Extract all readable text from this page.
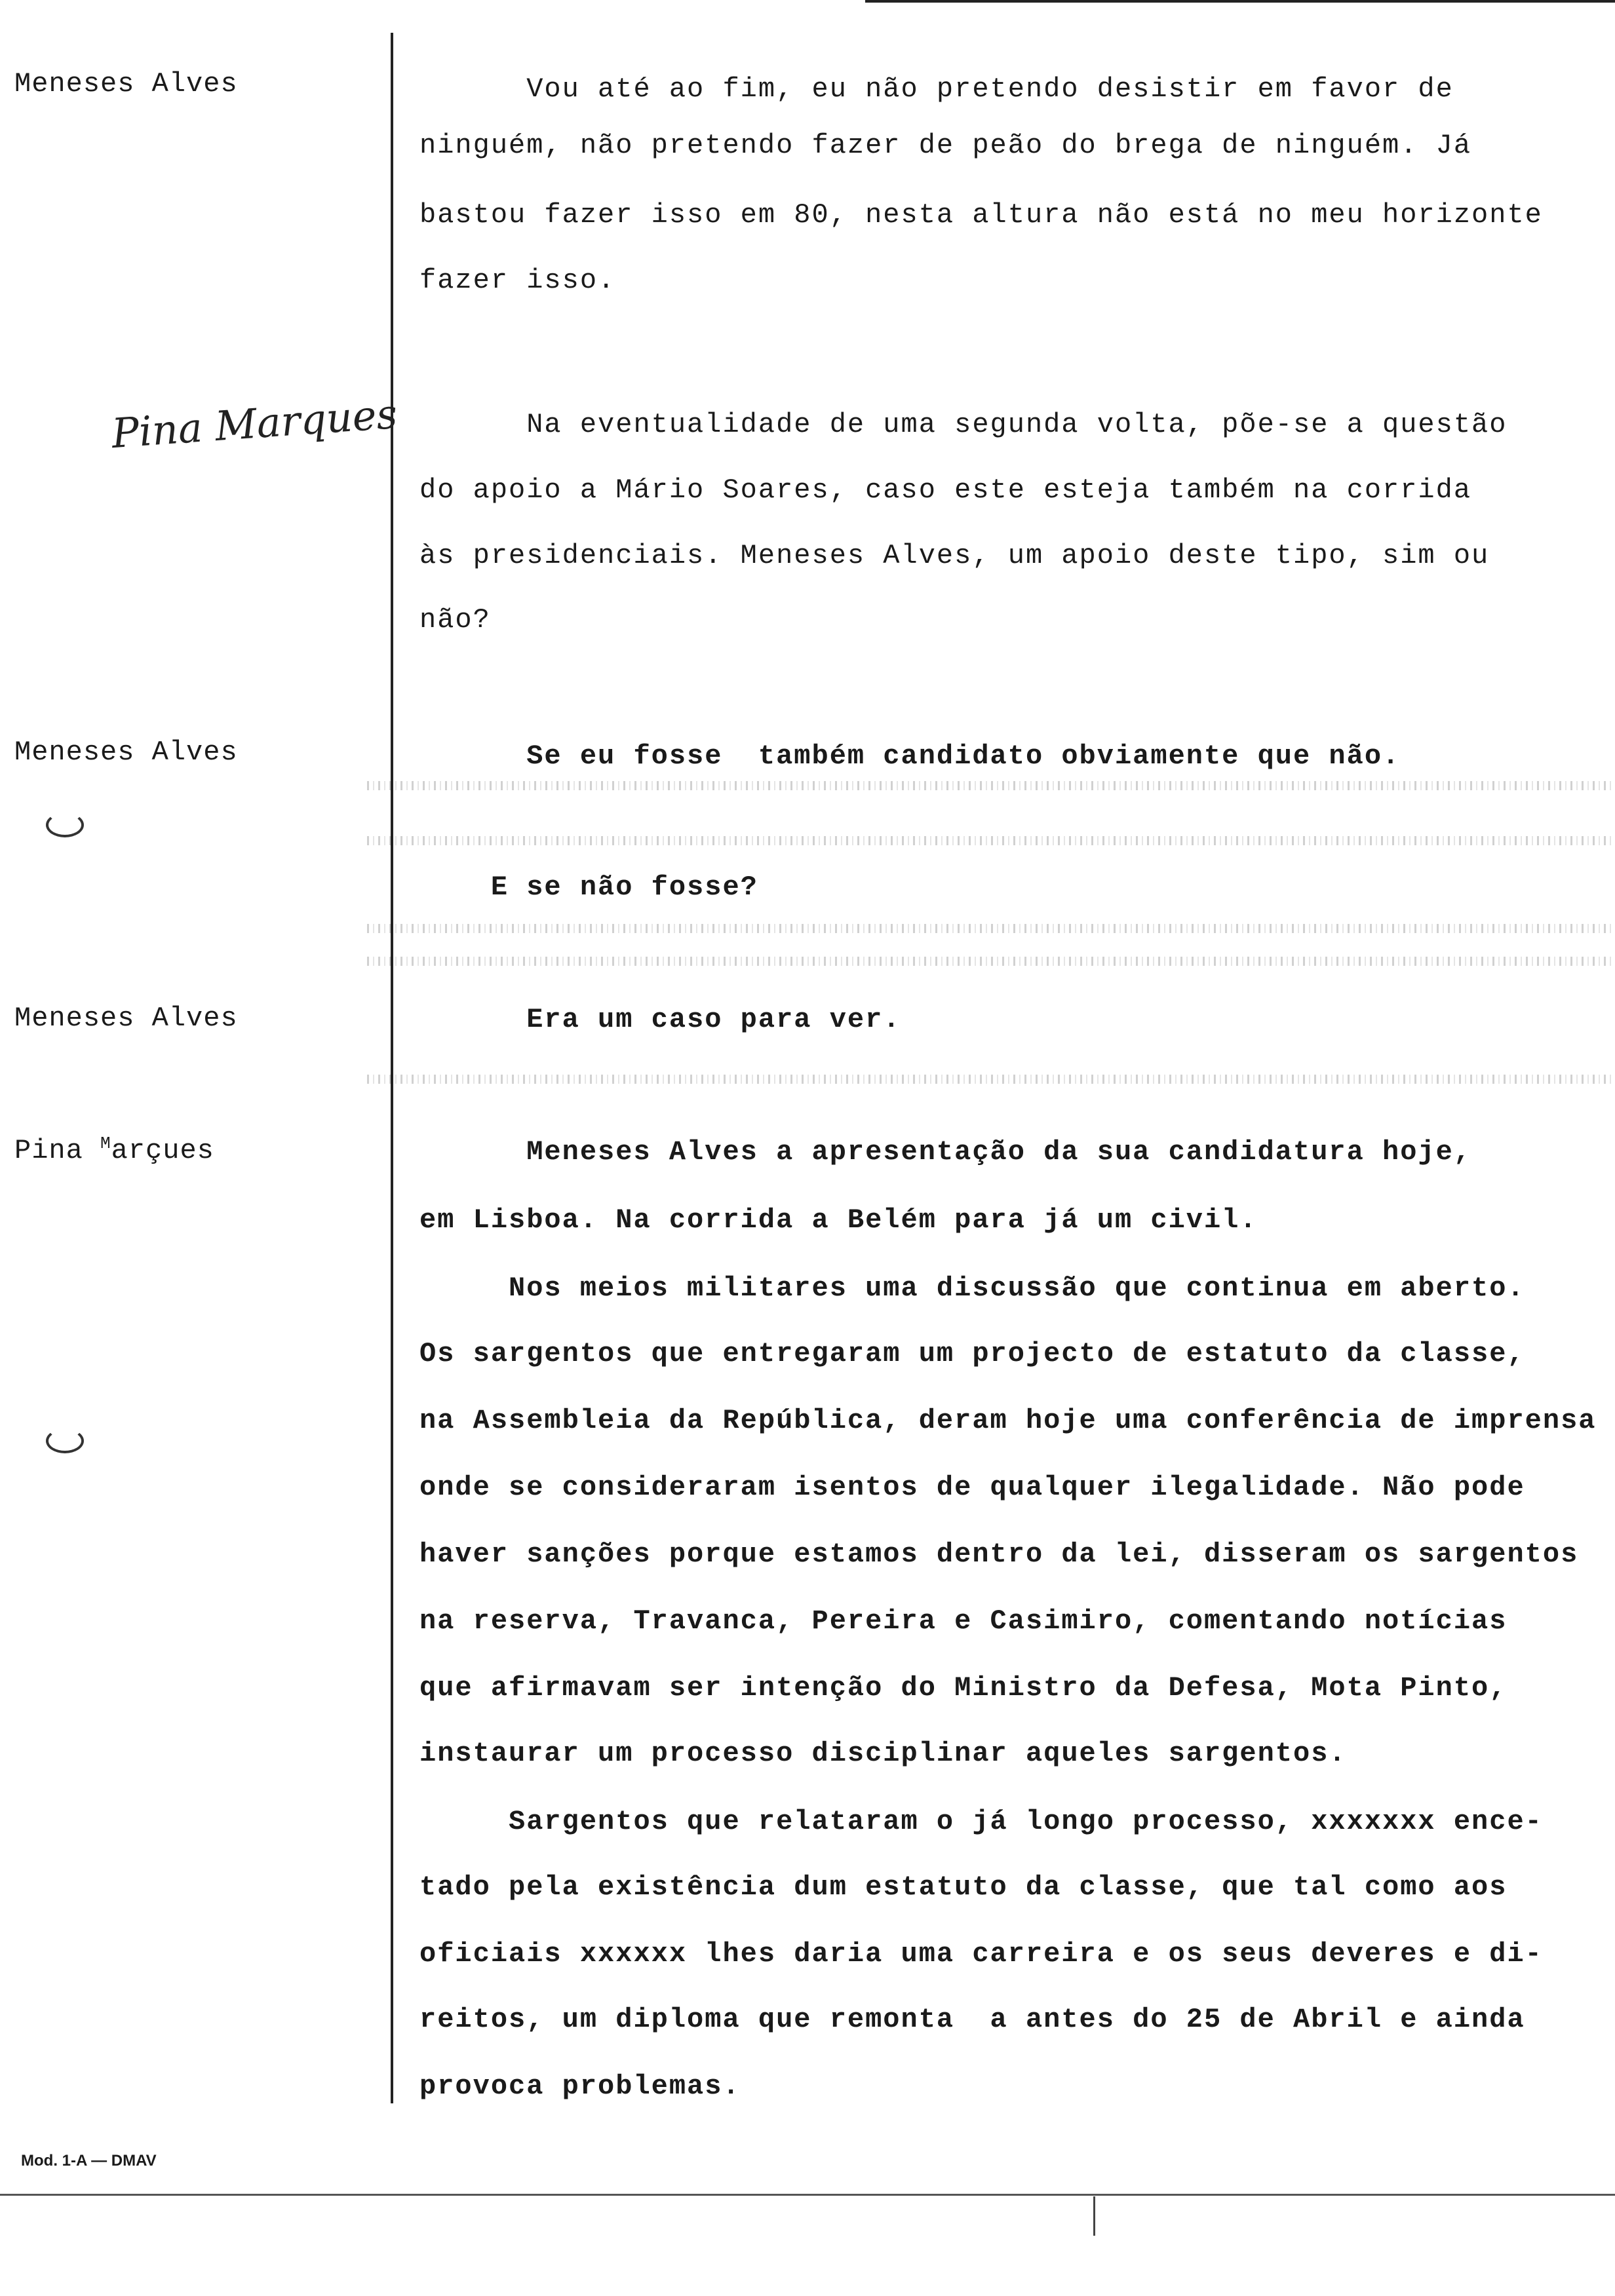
Meneses Alves
Pina Marques
Meneses Alves
Meneses Alves
Pina $^M$arçues
Vou até ao fim, eu não pretendo desistir em favor de
ninguém, não pretendo fazer de peão do brega de ninguém. Já
bastou fazer isso em 80, nesta altura não está no meu horizonte
fazer isso.
Na eventualidade de uma segunda volta, põe-se a questão
do apoio a Mário Soares, caso este esteja também na corrida
às presidenciais. Meneses Alves, um apoio deste tipo, sim ou
não?
Se eu fosse  também candidato obviamente que não.
E se não fosse?
Era um caso para ver.
Meneses Alves a apresentação da sua candidatura hoje,
em Lisboa. Na corrida a Belém para já um civil.
Nos meios militares uma discussão que continua em aberto.
Os sargentos que entregaram um projecto de estatuto da classe,
na Assembleia da República, deram hoje uma conferência de imprensa
onde se consideraram isentos de qualquer ilegalidade. Não pode
haver sanções porque estamos dentro da lei, disseram os sargentos
na reserva, Travanca, Pereira e Casimiro, comentando notícias
que afirmavam ser intenção do Ministro da Defesa, Mota Pinto,
instaurar um processo disciplinar aqueles sargentos.
Sargentos que relataram o já longo processo, xxxxxxx ence-
tado pela existência dum estatuto da classe, que tal como aos
oficiais xxxxxx lhes daria uma carreira e os seus deveres e di-
reitos, um diploma que remonta  a antes do 25 de Abril e ainda
provoca problemas.
Mod. 1-A — DMAV
